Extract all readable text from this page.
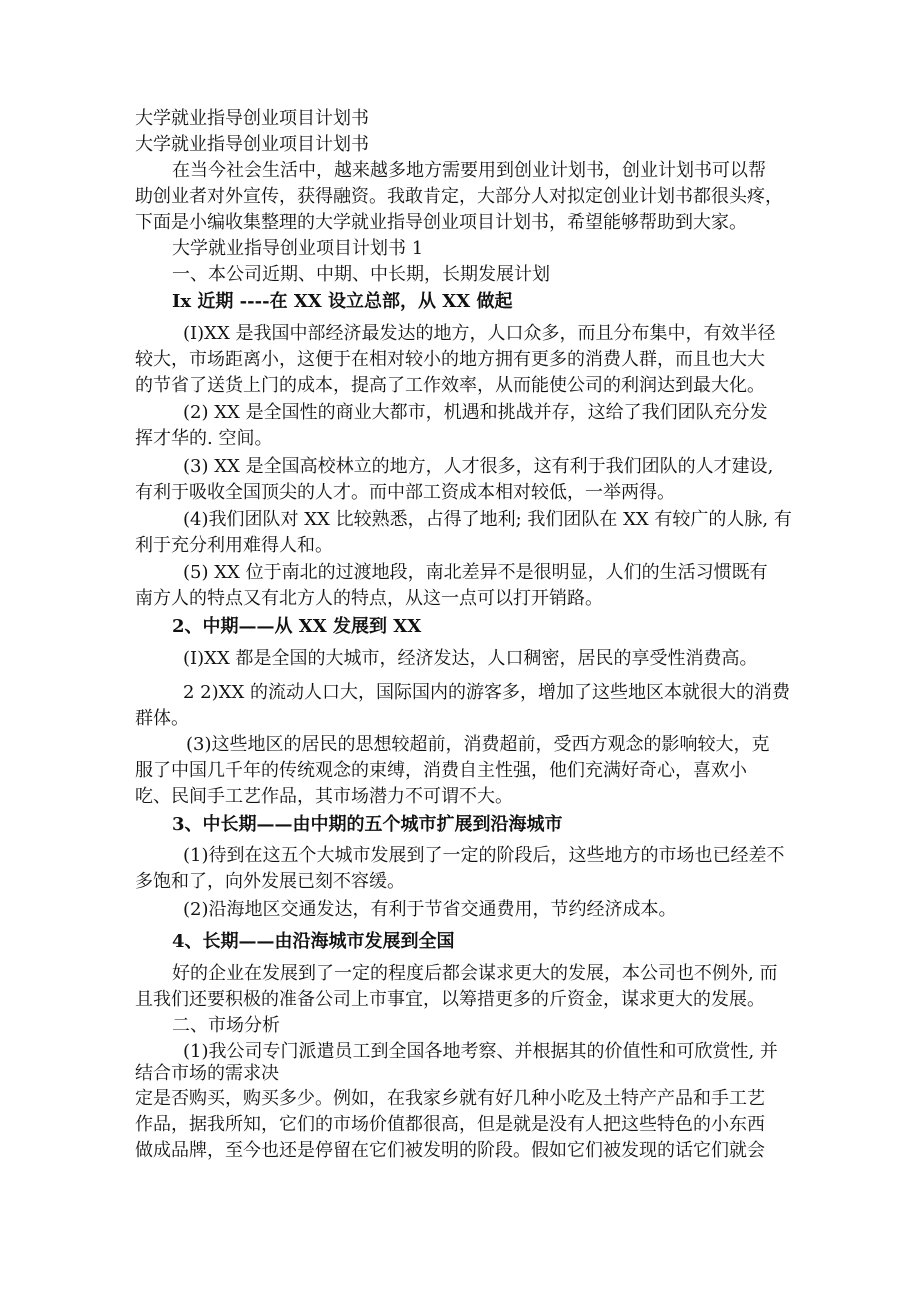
大学就业指导创业项目计划书
大学就业指导创业项目计划书
在当今社会生活中，越来越多地方需要用到创业计划书，创业计划书可以帮
助创业者对外宣传，获得融资。我敢肯定，大部分人对拟定创业计划书都很头疼，
下面是小编收集整理的大学就业指导创业项目计划书，希望能够帮助到大家。
大学就业指导创业项目计划书 1
一、本公司近期、中期、中长期，长期发展计划
Ix 近期 ----在 XX 设立总部，从 XX 做起
(I)XX 是我国中部经济最发达的地方，人口众多，而且分布集中，有效半径
较大，市场距离小，这便于在相对较小的地方拥有更多的消费人群，而且也大大
的节省了送货上门的成本，提高了工作效率，从而能使公司的利润达到最大化。
(2) XX 是全国性的商业大都市，机遇和挑战并存，这给了我们团队充分发
挥才华的. 空间。
(3) XX 是全国高校林立的地方，人才很多，这有利于我们团队的人才建设,
有利于吸收全国顶尖的人才。而中部工资成本相对较低，一举两得。
(4)我们团队对 XX 比较熟悉，占得了地利; 我们团队在 XX 有较广的人脉, 有
利于充分利用难得人和。
(5) XX 位于南北的过渡地段，南北差异不是很明显，人们的生活习惯既有
南方人的特点又有北方人的特点，从这一点可以打开销路。
2、中期——从 XX 发展到 XX
(I)XX 都是全国的大城市，经济发达，人口稠密，居民的享受性消费高。
2 2)XX 的流动人口大，国际国内的游客多，增加了这些地区本就很大的消费
群体。
(3)这些地区的居民的思想较超前，消费超前，受西方观念的影响较大，克
服了中国几千年的传统观念的束缚，消费自主性强，他们充满好奇心，喜欢小
吃、民间手工艺作品，其市场潜力不可谓不大。
3、中长期——由中期的五个城市扩展到沿海城市
(1)待到在这五个大城市发展到了一定的阶段后，这些地方的市场也已经差不
多饱和了，向外发展已刻不容缓。
(2)沿海地区交通发达，有利于节省交通费用，节约经济成本。
4、长期——由沿海城市发展到全国
好的企业在发展到了一定的程度后都会谋求更大的发展，本公司也不例外, 而
且我们还要积极的准备公司上市事宜，以筹措更多的斤资金，谋求更大的发展。
二、市场分析
(1)我公司专门派遣员工到全国各地考察、并根据其的价值性和可欣赏性, 并
结合市场的需求决
定是否购买，购买多少。例如，在我家乡就有好几种小吃及土特产产品和手工艺
作品，据我所知，它们的市场价值都很高，但是就是没有人把这些特色的小东西
做成品牌，至今也还是停留在它们被发明的阶段。假如它们被发现的话它们就会
